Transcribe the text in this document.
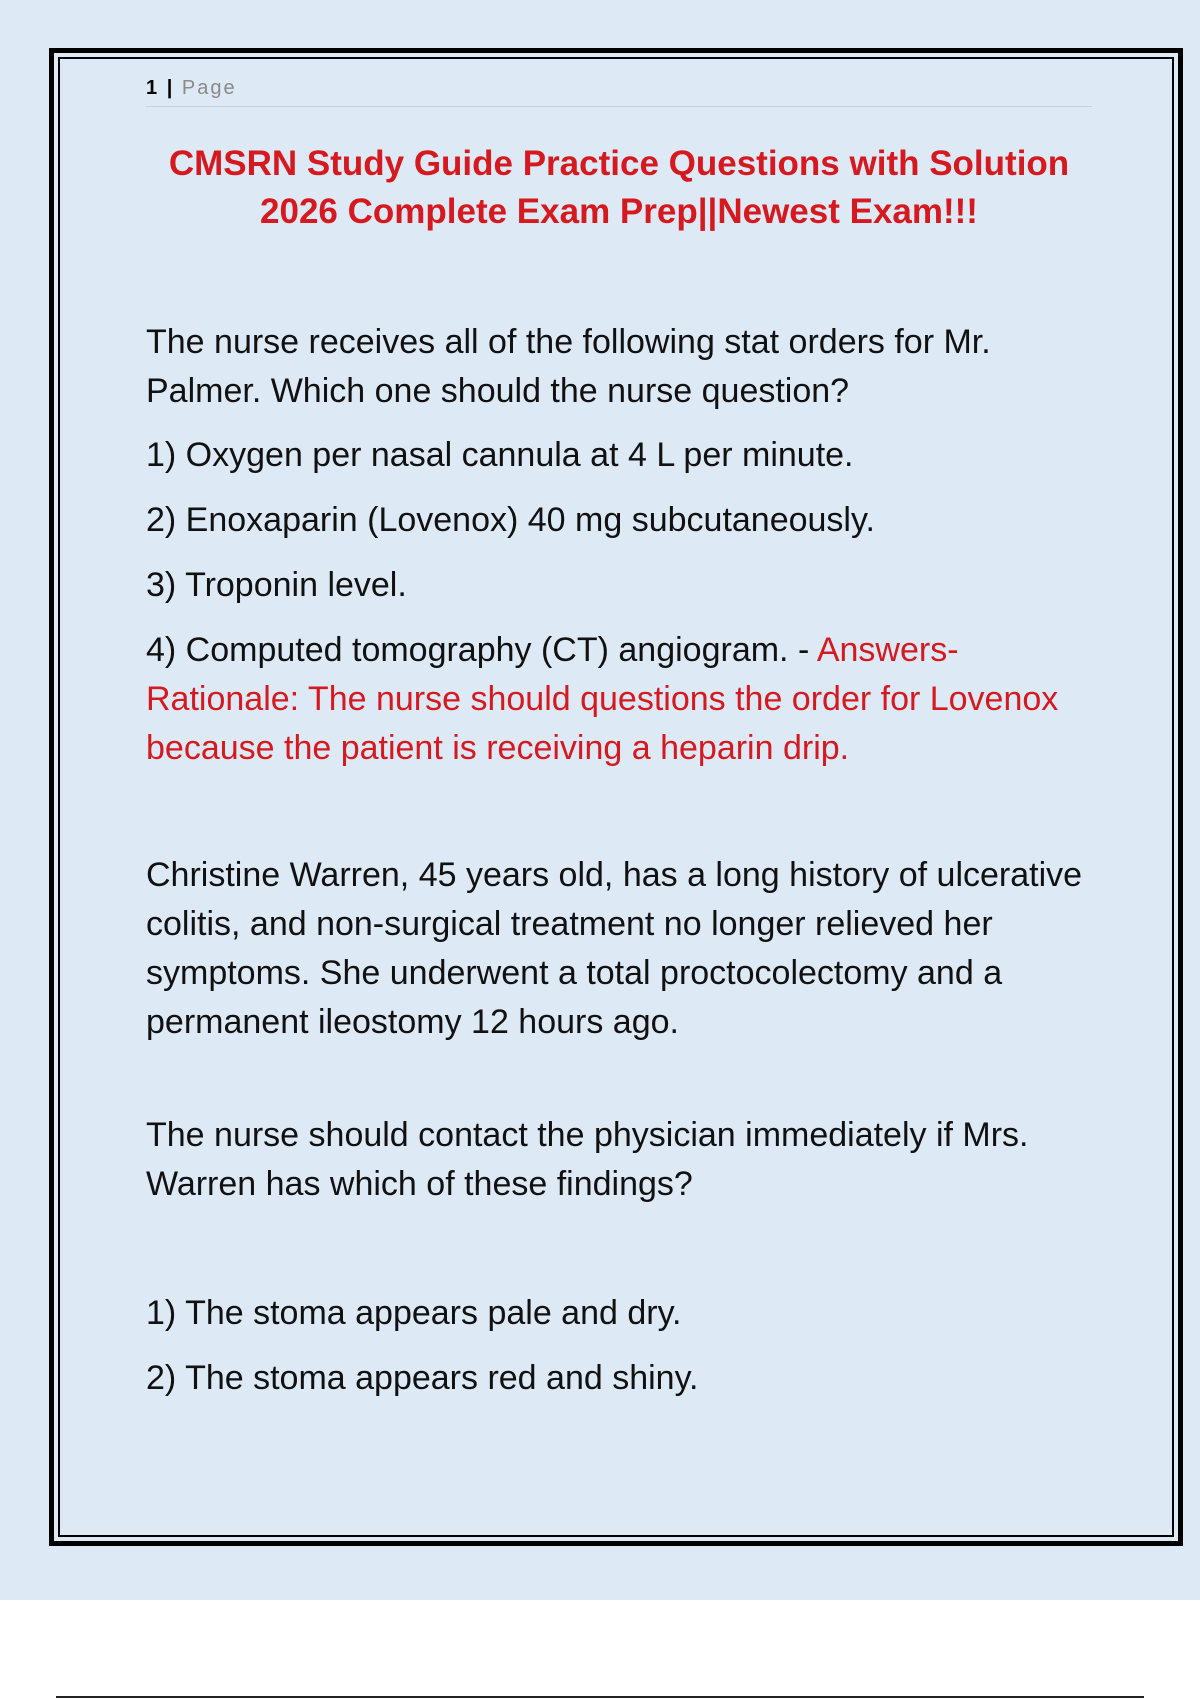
1 | Page
CMSRN Study Guide Practice Questions with Solution
2026 Complete Exam Prep||Newest Exam!!!

The nurse receives all of the following stat orders for Mr. Palmer. Which one should the nurse question?

1) Oxygen per nasal cannula at 4 L per minute.

2) Enoxaparin (Lovenox) 40 mg subcutaneously.

3) Troponin level.

4) Computed tomography (CT) angiogram. - Answers-Rationale: The nurse should questions the order for Lovenox because the patient is receiving a heparin drip.

Christine Warren, 45 years old, has a long history of ulcerative colitis, and non-surgical treatment no longer relieved her symptoms. She underwent a total proctocolectomy and a permanent ileostomy 12 hours ago.

The nurse should contact the physician immediately if Mrs. Warren has which of these findings?

1) The stoma appears pale and dry.

2) The stoma appears red and shiny.
